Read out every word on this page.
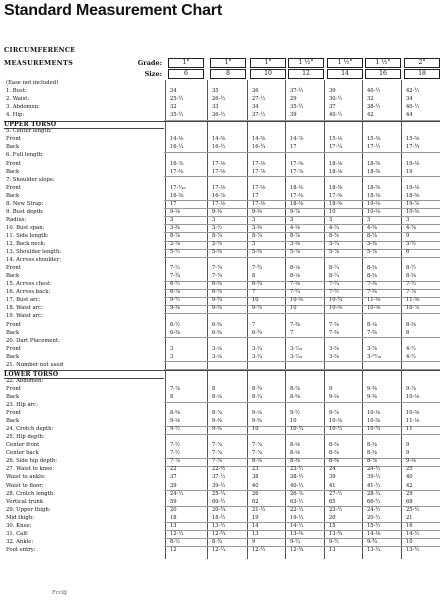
Standard Measurement Chart
CIRCUMFERENCE
MEASUREMENTS	Grade:	1°	1°	1°	1 ½°	1 ½°	1 ½°	2°
Size:	6	8	10	12	14	16	18
(Ease not included)
1. Bust:	34	35	36	37-½	39	40-½	42-½
2. Waist:	25-½	26-½	27-½	29	30-½	32	34
3. Abdomen:	32	33	34	35-½	37	38-½	40-½
4. Hip:	35-½	36-½	37-½	39	40-½	42	44
UPPER TORSO
5. Center length:
Front	14-⅛	14-⅜	14-⅝	14-⅞	15-⅛	15-⅜	15-⅝
Back	16-¼	16-½	16-¾	17	17-¼	17-½	17-¾
6. Full length:
Front	16-⅞	17-⅛	17-⅜	17-⅝	18-⅛	18-⅝	19-⅛
Back	17-⅜	17-⅝	17-⅞	17-⅞	18-⅛	18-⅜	19
7. Shoulder slope:
Front	17-¹⁄₁₆	17-⅜	17-⅝	18-⅛	18-⅜	18-⅝	19-⅛
Back	16-⅝	16-⅞	17	17-⅜	17-⅝	18-⅛	18-⅝
8. New Strap:	17	17-⅛	17-⅜	18-⅜	18-⅝	19-⅛	19-⅞
9. Bust depth:	9-⅛	9-⅜	9-⅝	9-⅞	10	10-⅛	10-⅜
Radius:	3	3	3	3	3	3	3
10. Bust span:	3-⅜	3-½	3-⅝	4-⅛	4-¼	4-⅝	4-⅞
11. Side length:	8-⅞	8-⅞	8-⅞	8-⅞	8-⅞	8-⅞	9
12. Back neck:	2-⅞	2-⅞	3	3-⅛	3-¼	3-⅜	3-½
13. Shoulder length:	5-½	5-⅝	5-⅝	5-⅞	5-⅞	5-⅞	6
14. Across shoulder:
Front	7-½	7-⅞	7-¾	8-⅛	8-¼	8-⅜	8-½
Back	7-¾	7-⅞	8	8-⅛	8-¼	8-⅜	8-⅝
15. Across chest:	6-½	6-⅝	6-¾	7-⅛	7-¼	7-⅜	7-½
16. Across back:	6-⅞	6-⅞	7	7-¼	7-½	7-⅝	7-⅞
17. Bust arc:	9-½	9-¾	10	10-⅜	10-¾	11-⅛	11-⅝
18. Waist arc:	9-⅜	9-⅝	9-⅞	10	10-⅜	10-⅝	10-⅞
19. Waist arc:
Front	6-½	6-⅝	7	7-⅜	7-⅝	8-⅛	8-⅝
Back	6-⅜	6-⅝	6-¾	7	7-⅜	7-⅝	8
20. Dart Placement:
Front	3	3-⅛	3-¼	3-⁷⁄₁₆	3-⅝	3-⅞	4-½
Back	3	3-⅛	3-¼	3-⁷⁄₁₆	3-⅝	3-¹⁵⁄₁₆	4-½
21. Number not used
LOWER TORSO
22. Abdomen:
Front	7-⅞	8	8-¾	8-⅞	9	9-⅜	9-⅞
Back	8	8-⅛	8-¼	8-⅝	9-⅛	9-⅝	10-⅛
23. Hip arc:
Front	8-⅝	8-⅞	9-⅛	9-½	9-⅞	10-⅛	10-⅝
Back	9-⅛	9-⅜	9-⅝	10	10-⅜	10-⅝	11-⅛
24. Crotch depth:	9-½	9-⅝	10	10-¼	10-½	10-¾	11
25. Hip depth:
Center front	7-½	7-⅞	7-⅞	8-⅛	8-⅜	8-⅝	9
Center back	7-½	7-⅞	7-⅞	8-⅛	8-⅜	8-⅝	9
26. Side hip depth:	7-⅞	7-⅞	8-⅛	8-⅜	8-⅝	8-⅞	9-⅛
27. Waist to knee:	22	22-½	23	23-½	24	24-½	25
Waist to ankle:	37	37-½	38	38-½	39	39-½	40
Waist to floor:	39	39-½	40	40-½	41	41-½	42
28. Crotch length:	24-½	25-¼	26	26-⅞	27-½	28-¼	29
Vertical trunk	59	60-½	62	63-½	65	66-½	68
29. Upper thigh:	20	20-¾	21-½	22-½	23-½	24-½	25-½
Mid thigh:	18	18-½	19	19-½	20	20-½	21
30. Knee:	13	13-½	14	14-½	15	15-½	16
31. Calf:	12-½	12-¾	13	13-⅜	13-¾	14-⅛	14-½
32. Ankle:	8-½	8-¾	9	9-¼	9-½	9-¾	10
Foot entry:	12	12-¼	12-½	12-¾	13	13-¼	13-½
Fcc@
